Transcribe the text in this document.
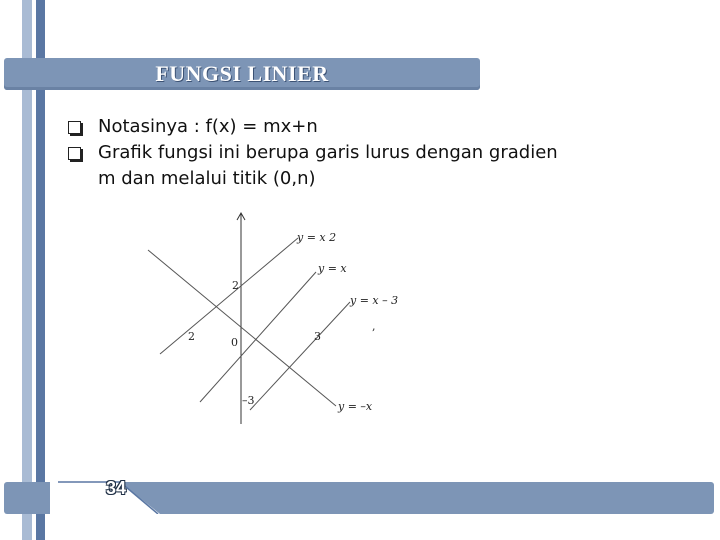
FUNGSI LINIER
Notasinya : f(x) = mx+n
Grafik fungsi ini berupa garis lurus dengan gradien
m dan melalui titik (0,n)
y = x 2
y = x
y = x – 3
y = –x
2
–3
2	3
0
,
34
